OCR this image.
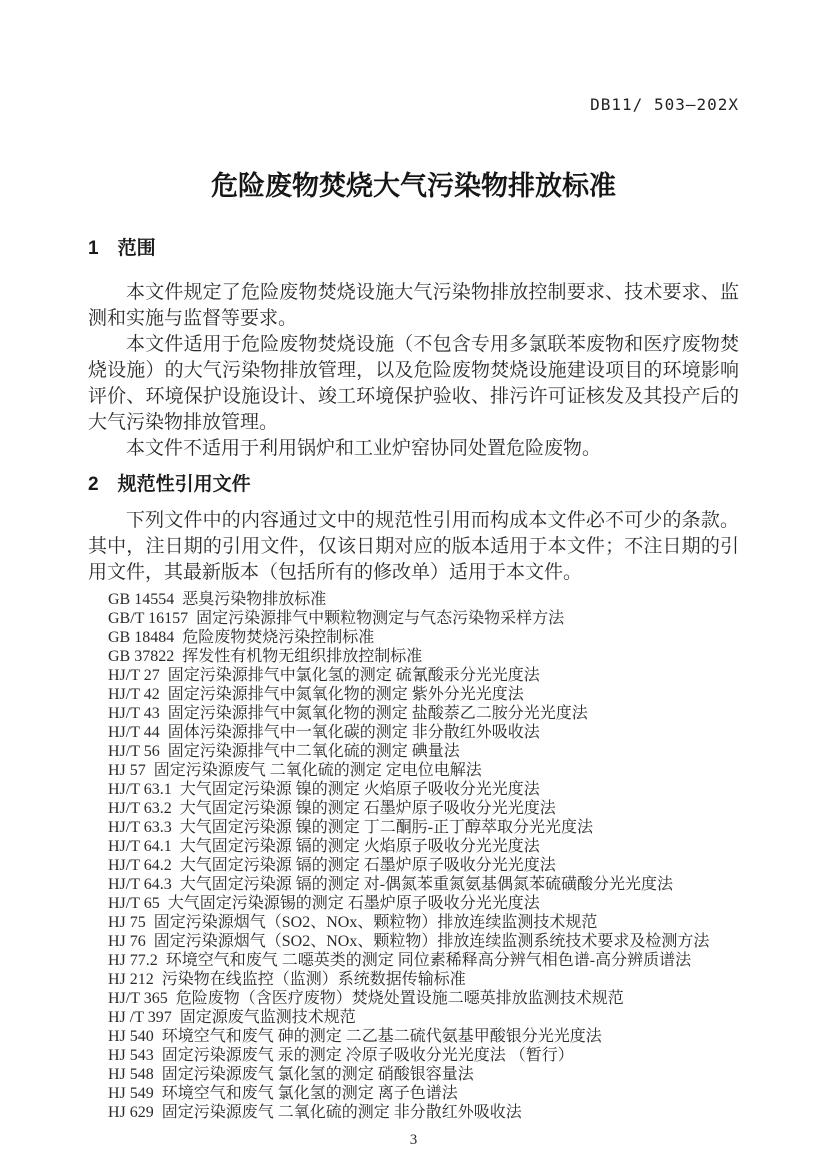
DB11/ 503—202X
危险废物焚烧大气污染物排放标准
1　范围

本文件规定了危险废物焚烧设施大气污染物排放控制要求、技术要求、监测和实施与监督等要求。

本文件适用于危险废物焚烧设施（不包含专用多氯联苯废物和医疗废物焚烧设施）的大气污染物排放管理，以及危险废物焚烧设施建设项目的环境影响评价、环境保护设施设计、竣工环境保护验收、排污许可证核发及其投产后的大气污染物排放管理。

本文件不适用于利用锅炉和工业炉窑协同处置危险废物。

2　规范性引用文件

下列文件中的内容通过文中的规范性引用而构成本文件必不可少的条款。其中，注日期的引用文件，仅该日期对应的版本适用于本文件；不注日期的引用文件，其最新版本（包括所有的修改单）适用于本文件。

GB 14554  恶臭污染物排放标准
GB/T 16157  固定污染源排气中颗粒物测定与气态污染物采样方法
GB 18484  危险废物焚烧污染控制标准
GB 37822  挥发性有机物无组织排放控制标准
HJ/T 27  固定污染源排气中氯化氢的测定 硫氰酸汞分光光度法
HJ/T 42  固定污染源排气中氮氧化物的测定 紫外分光光度法
HJ/T 43  固定污染源排气中氮氧化物的测定 盐酸萘乙二胺分光光度法
HJ/T 44  固体污染源排气中一氧化碳的测定 非分散红外吸收法
HJ/T 56  固定污染源排气中二氧化硫的测定 碘量法
HJ 57  固定污染源废气 二氧化硫的测定 定电位电解法
HJ/T 63.1  大气固定污染源 镍的测定 火焰原子吸收分光光度法
HJ/T 63.2  大气固定污染源 镍的测定 石墨炉原子吸收分光光度法
HJ/T 63.3  大气固定污染源 镍的测定 丁二酮肟-正丁醇萃取分光光度法
HJ/T 64.1  大气固定污染源 镉的测定 火焰原子吸收分光光度法
HJ/T 64.2  大气固定污染源 镉的测定 石墨炉原子吸收分光光度法
HJ/T 64.3  大气固定污染源 镉的测定 对-偶氮苯重氮氨基偶氮苯硫磺酸分光光度法
HJ/T 65  大气固定污染源锡的测定 石墨炉原子吸收分光光度法
HJ 75  固定污染源烟气（SO2、NOx、颗粒物）排放连续监测技术规范
HJ 76  固定污染源烟气（SO2、NOx、颗粒物）排放连续监测系统技术要求及检测方法
HJ 77.2  环境空气和废气 二噁英类的测定 同位素稀释高分辨气相色谱-高分辨质谱法
HJ 212  污染物在线监控（监测）系统数据传输标准
HJ/T 365  危险废物（含医疗废物）焚烧处置设施二噁英排放监测技术规范
HJ /T 397  固定源废气监测技术规范
HJ 540  环境空气和废气 砷的测定 二乙基二硫代氨基甲酸银分光光度法
HJ 543  固定污染源废气 汞的测定 冷原子吸收分光光度法 （暂行）
HJ 548  固定污染源废气 氯化氢的测定 硝酸银容量法
HJ 549  环境空气和废气 氯化氢的测定 离子色谱法
HJ 629  固定污染源废气 二氧化硫的测定 非分散红外吸收法
3
